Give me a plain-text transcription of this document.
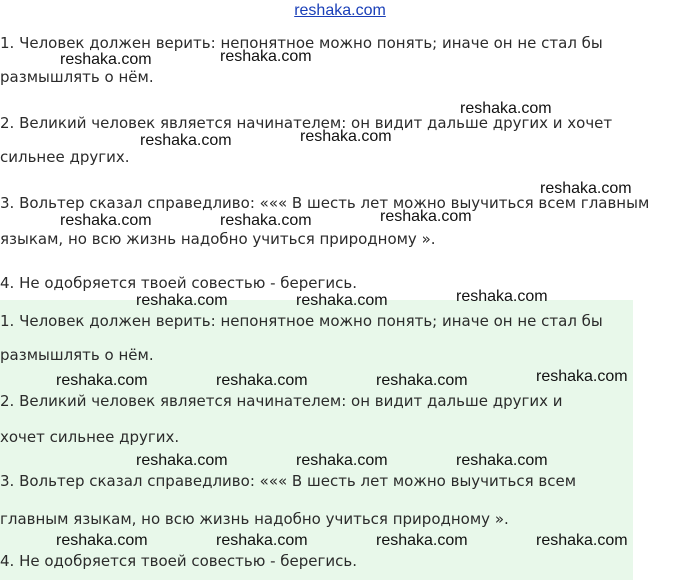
reshaka.com

1. Человек должен верить: непонятное можно понять; иначе он не стал бы

размышлять о нём.

2. Великий человек является начинателем: он видит дальше других и хочет

сильнее других.

3. Вольтер сказал справедливо: ««« В шесть лет можно выучиться всем главным

языкам, но всю жизнь надобно учиться природному ».

4. Не одобряется твоей совестью - берегись.

1. Человек должен верить: непонятное можно понять; иначе он не стал бы

размышлять о нём.

2. Великий человек является начинателем: он видит дальше других и

хочет сильнее других.

3. Вольтер сказал справедливо: ««« В шесть лет можно выучиться всем

главным языкам, но всю жизнь надобно учиться природному ».

4. Не одобряется твоей совестью - берегись.

reshaka.com	reshaka.com
reshaka.com
reshaka.com	reshaka.com
reshaka.com
reshaka.com	reshaka.com	reshaka.com
reshaka.com	reshaka.com	reshaka.com
reshaka.com	reshaka.com	reshaka.com	reshaka.com
reshaka.com	reshaka.com	reshaka.com
reshaka.com	reshaka.com	reshaka.com	reshaka.com
